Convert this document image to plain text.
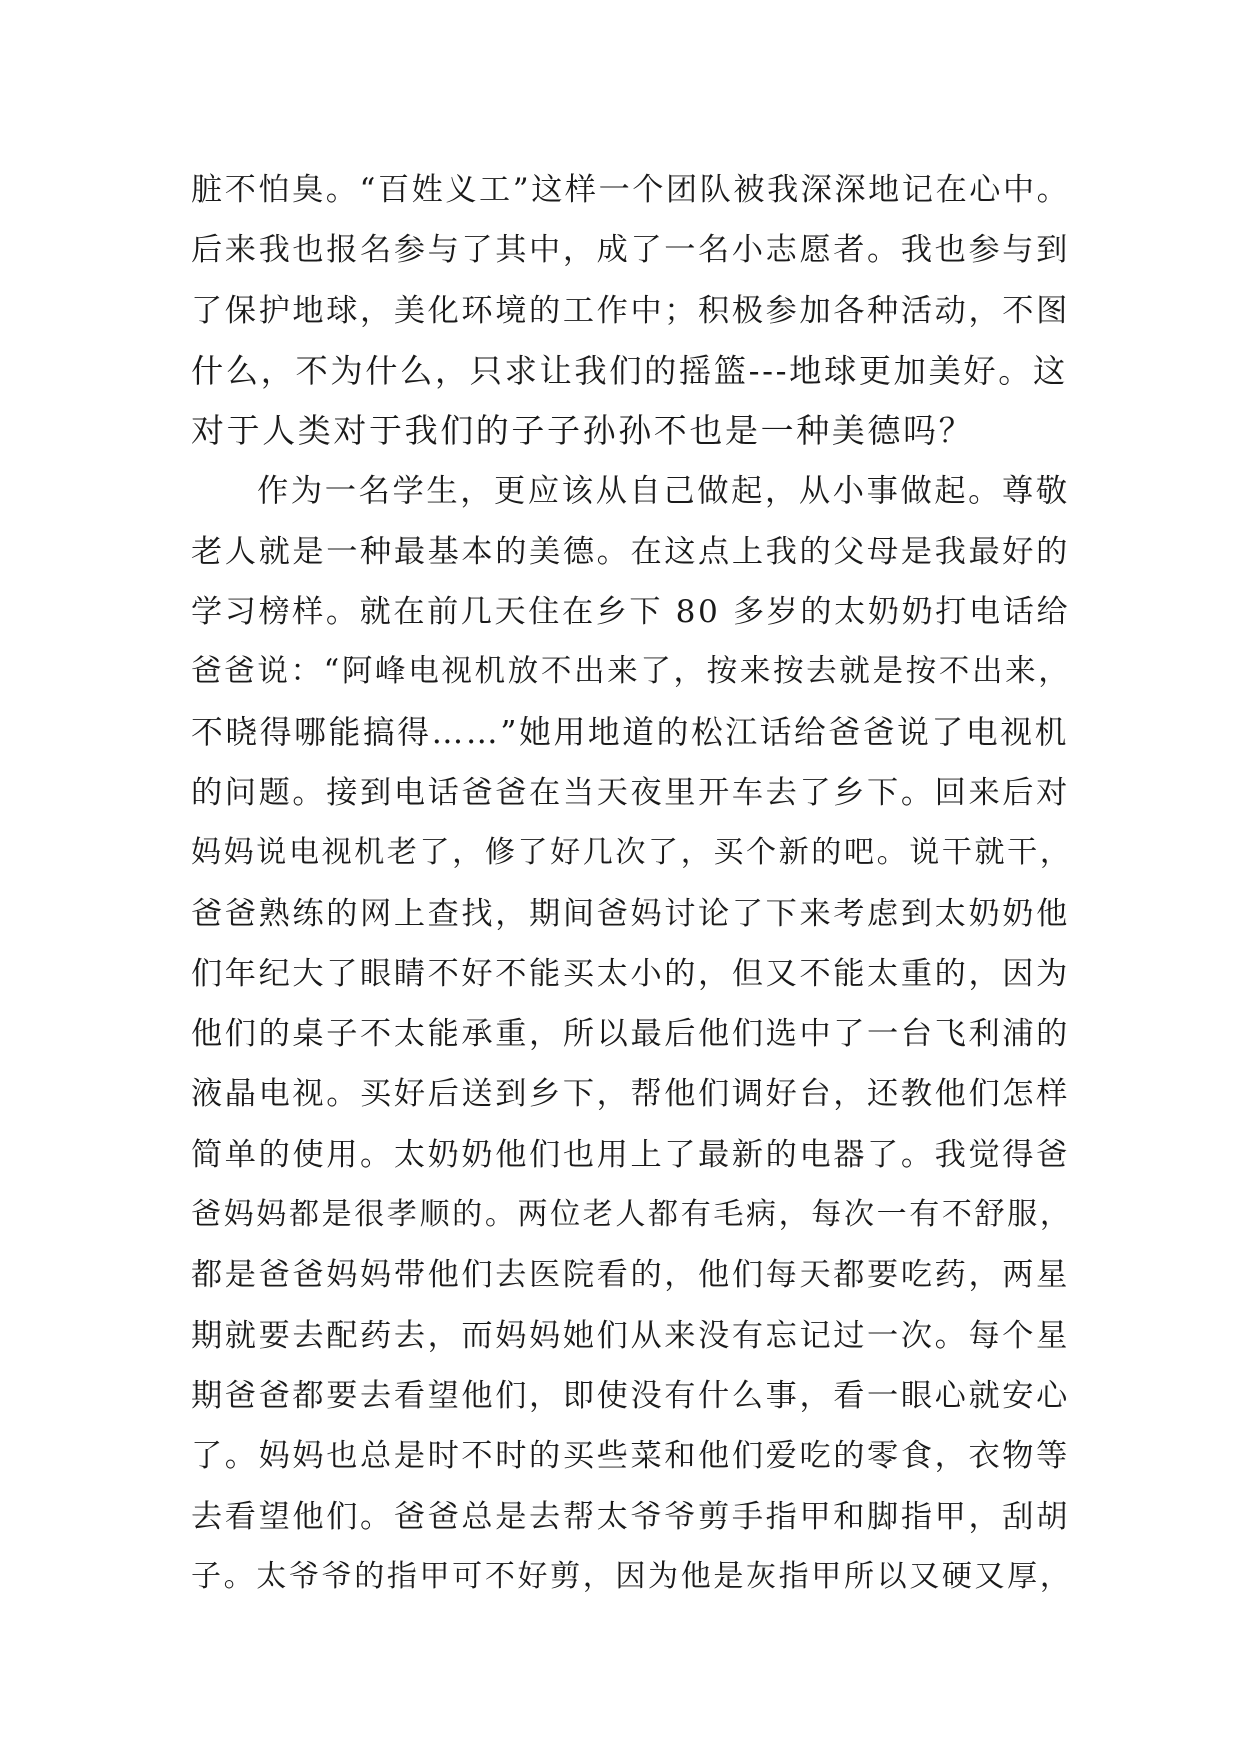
脏不怕臭。“百姓义工”这样一个团队被我深深地记在心中。
后来我也报名参与了其中，成了一名小志愿者。我也参与到
了保护地球，美化环境的工作中；积极参加各种活动，不图
什么，不为什么，只求让我们的摇篮---地球更加美好。这
对于人类对于我们的子子孙孙不也是一种美德吗？
作为一名学生，更应该从自己做起，从小事做起。尊敬
老人就是一种最基本的美德。在这点上我的父母是我最好的
学习榜样。就在前几天住在乡下 80 多岁的太奶奶打电话给
爸爸说：“阿峰电视机放不出来了，按来按去就是按不出来，
不晓得哪能搞得……”她用地道的松江话给爸爸说了电视机
的问题。接到电话爸爸在当天夜里开车去了乡下。回来后对
妈妈说电视机老了，修了好几次了，买个新的吧。说干就干，
爸爸熟练的网上查找，期间爸妈讨论了下来考虑到太奶奶他
们年纪大了眼睛不好不能买太小的，但又不能太重的，因为
他们的桌子不太能承重，所以最后他们选中了一台飞利浦的
液晶电视。买好后送到乡下，帮他们调好台，还教他们怎样
简单的使用。太奶奶他们也用上了最新的电器了。我觉得爸
爸妈妈都是很孝顺的。两位老人都有毛病，每次一有不舒服，
都是爸爸妈妈带他们去医院看的，他们每天都要吃药，两星
期就要去配药去，而妈妈她们从来没有忘记过一次。每个星
期爸爸都要去看望他们，即使没有什么事，看一眼心就安心
了。妈妈也总是时不时的买些菜和他们爱吃的零食，衣物等
去看望他们。爸爸总是去帮太爷爷剪手指甲和脚指甲，刮胡
子。太爷爷的指甲可不好剪，因为他是灰指甲所以又硬又厚，
